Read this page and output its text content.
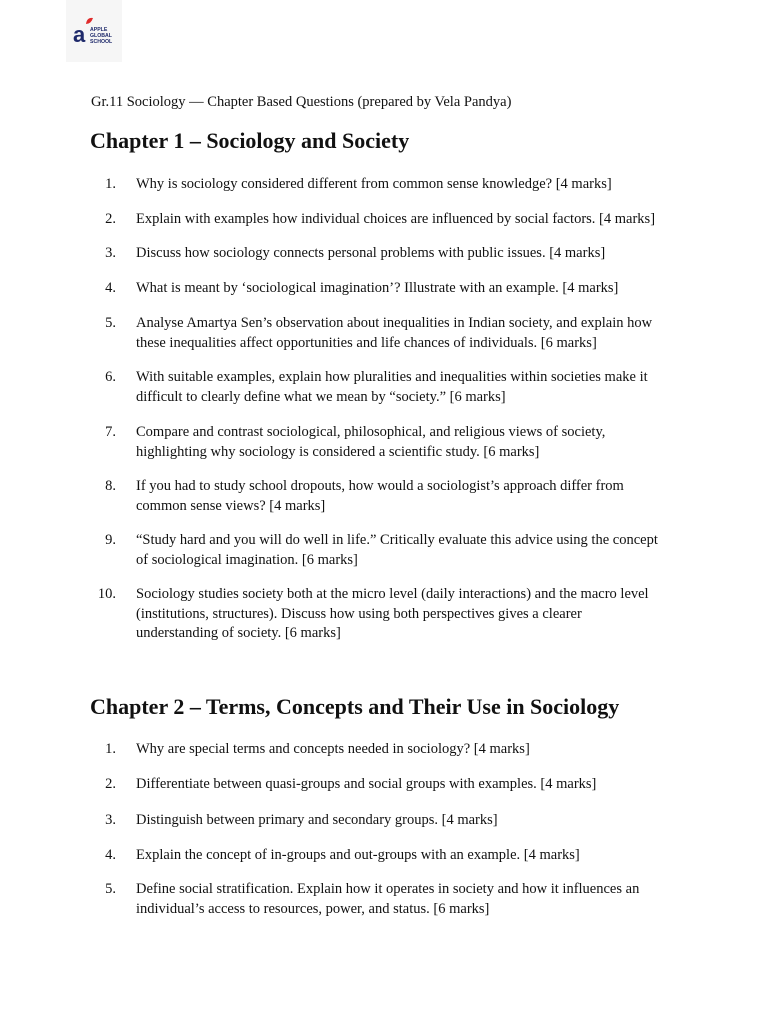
a APPLE
GLOBAL
SCHOOL
Gr.11 Sociology — Chapter Based Questions (prepared by Vela Pandya)
Chapter 1 – Sociology and Society
1. Why is sociology considered different from common sense knowledge? [4 marks]
2. Explain with examples how individual choices are influenced by social factors. [4 marks]
3. Discuss how sociology connects personal problems with public issues. [4 marks]
4. What is meant by ‘sociological imagination’? Illustrate with an example. [4 marks]
5. Analyse Amartya Sen’s observation about inequalities in Indian society, and explain how
these inequalities affect opportunities and life chances of individuals. [6 marks]
6. With suitable examples, explain how pluralities and inequalities within societies make it
difficult to clearly define what we mean by “society.” [6 marks]
7. Compare and contrast sociological, philosophical, and religious views of society,
highlighting why sociology is considered a scientific study. [6 marks]
8. If you had to study school dropouts, how would a sociologist’s approach differ from
common sense views? [4 marks]
9. “Study hard and you will do well in life.” Critically evaluate this advice using the concept
of sociological imagination. [6 marks]
10. Sociology studies society both at the micro level (daily interactions) and the macro level
(institutions, structures). Discuss how using both perspectives gives a clearer
understanding of society. [6 marks]
Chapter 2 – Terms, Concepts and Their Use in Sociology
1. Why are special terms and concepts needed in sociology? [4 marks]
2. Differentiate between quasi-groups and social groups with examples. [4 marks]
3. Distinguish between primary and secondary groups. [4 marks]
4. Explain the concept of in-groups and out-groups with an example. [4 marks]
5. Define social stratification. Explain how it operates in society and how it influences an
individual’s access to resources, power, and status. [6 marks]
